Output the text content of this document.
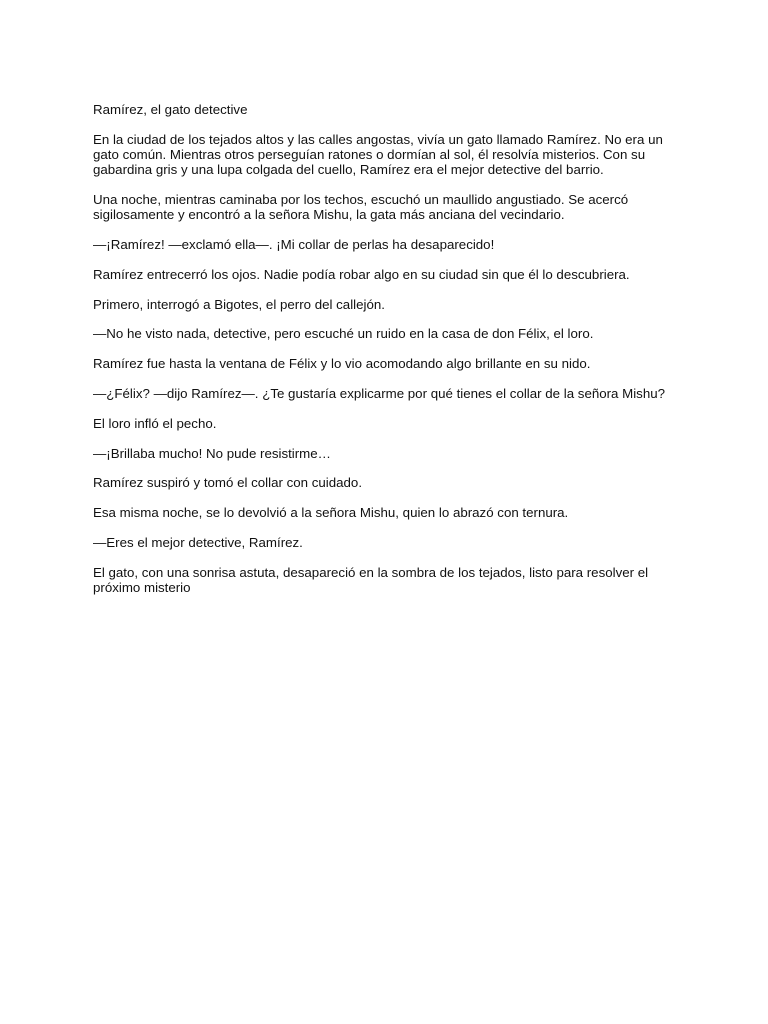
Ramírez, el gato detective

En la ciudad de los tejados altos y las calles angostas, vivía un gato llamado Ramírez. No era un gato común. Mientras otros perseguían ratones o dormían al sol, él resolvía misterios. Con su gabardina gris y una lupa colgada del cuello, Ramírez era el mejor detective del barrio.

Una noche, mientras caminaba por los techos, escuchó un maullido angustiado. Se acercó sigilosamente y encontró a la señora Mishu, la gata más anciana del vecindario.

—¡Ramírez! —exclamó ella—. ¡Mi collar de perlas ha desaparecido!

Ramírez entrecerró los ojos. Nadie podía robar algo en su ciudad sin que él lo descubriera.

Primero, interrogó a Bigotes, el perro del callejón.

—No he visto nada, detective, pero escuché un ruido en la casa de don Félix, el loro.

Ramírez fue hasta la ventana de Félix y lo vio acomodando algo brillante en su nido.

—¿Félix? —dijo Ramírez—. ¿Te gustaría explicarme por qué tienes el collar de la señora Mishu?

El loro infló el pecho.

—¡Brillaba mucho! No pude resistirme…

Ramírez suspiró y tomó el collar con cuidado.

Esa misma noche, se lo devolvió a la señora Mishu, quien lo abrazó con ternura.

—Eres el mejor detective, Ramírez.

El gato, con una sonrisa astuta, desapareció en la sombra de los tejados, listo para resolver el próximo misterio
